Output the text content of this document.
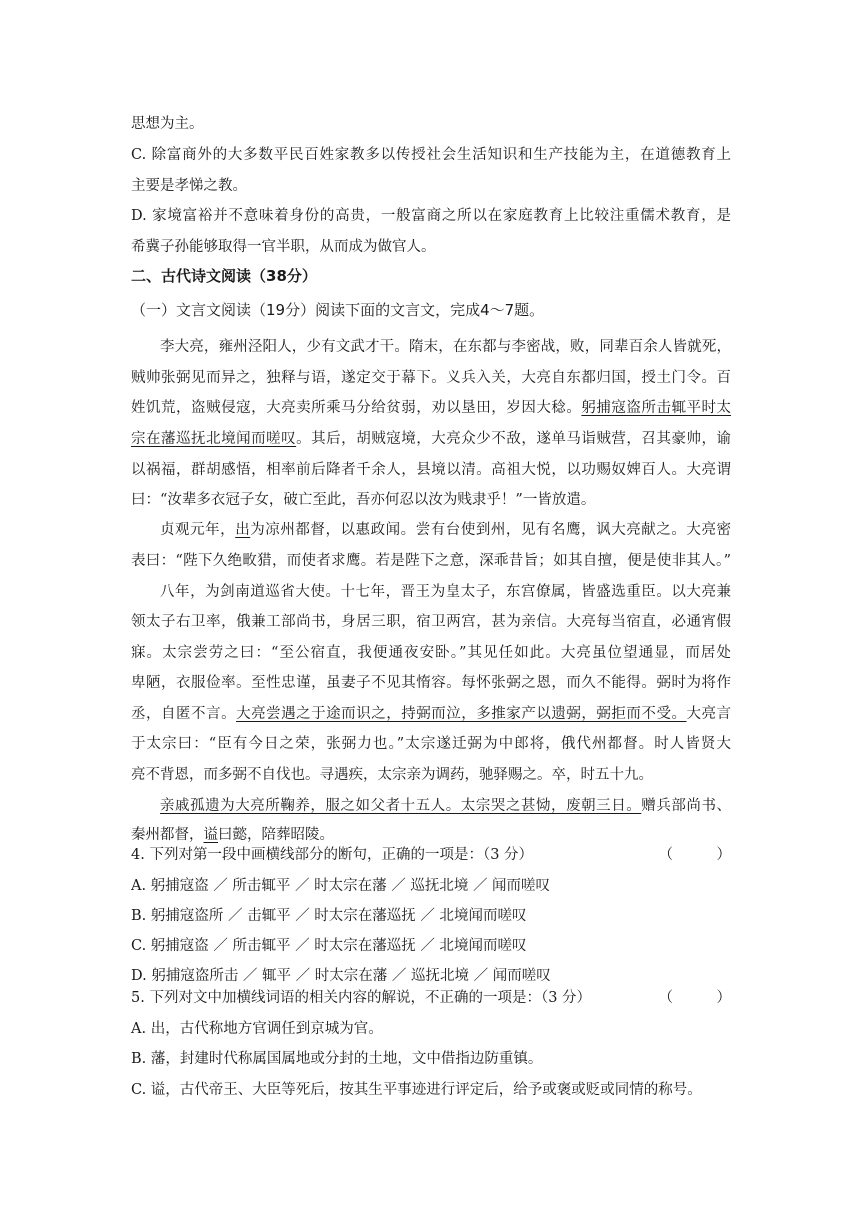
思想为主。

C. 除富商外的大多数平民百姓家教多以传授社会生活知识和生产技能为主，在道德教育上

主要是孝悌之教。

D. 家境富裕并不意味着身份的高贵，一般富商之所以在家庭教育上比较注重儒术教育，是

希冀子孙能够取得一官半职，从而成为做官人。

二、古代诗文阅读（38分）

（一）文言文阅读（19分）阅读下面的文言文，完成4～7题。

李大亮，雍州泾阳人，少有文武才干。隋末，在东都与李密战，败，同辈百余人皆就死，

贼帅张弼见而异之，独释与语，遂定交于幕下。义兵入关，大亮自东都归国，授土门令。百

姓饥荒，盗贼侵寇，大亮卖所乘马分给贫弱，劝以垦田，岁因大稔。躬捕寇盗所击辄平时太

宗在藩巡抚北境闻而嗟叹。其后，胡贼寇境，大亮众少不敌，遂单马诣贼营，召其豪帅，谕

以祸福，群胡感悟，相率前后降者千余人，县境以清。高祖大悦，以功赐奴婢百人。大亮谓

曰：“汝辈多衣冠子女，破亡至此，吾亦何忍以汝为贱隶乎！”一皆放遣。

贞观元年，出为凉州都督，以惠政闻。尝有台使到州，见有名鹰，讽大亮献之。大亮密

表曰：“陛下久绝畋猎，而使者求鹰。若是陛下之意，深乖昔旨；如其自擅，便是使非其人。”

八年，为剑南道巡省大使。十七年，晋王为皇太子，东宫僚属，皆盛选重臣。以大亮兼

领太子右卫率，俄兼工部尚书，身居三职，宿卫两宫，甚为亲信。大亮每当宿直，必通宵假

寐。太宗尝劳之曰：“至公宿直，我便通夜安卧。”其见任如此。大亮虽位望通显，而居处

卑陋，衣服俭率。至性忠谨，虽妻子不见其惰容。每怀张弼之恩，而久不能得。弼时为将作

丞，自匿不言。大亮尝遇之于途而识之，持弼而泣，多推家产以遗弼，弼拒而不受。大亮言

于太宗曰：“臣有今日之荣，张弼力也。”太宗遂迁弼为中郎将，俄代州都督。时人皆贤大

亮不背恩，而多弼不自伐也。寻遇疾，太宗亲为调药，驰驿赐之。卒，时五十九。

亲戚孤遗为大亮所鞠养，服之如父者十五人。太宗哭之甚恸，废朝三日。赠兵部尚书、

秦州都督，谥曰懿，陪葬昭陵。

4. 下列对第一段中画横线部分的断句，正确的一项是：（3 分）	（　　　）

A. 躬捕寇盗 ／ 所击辄平 ／ 时太宗在藩 ／ 巡抚北境 ／ 闻而嗟叹

B. 躬捕寇盗所 ／ 击辄平 ／ 时太宗在藩巡抚 ／ 北境闻而嗟叹

C. 躬捕寇盗 ／ 所击辄平 ／ 时太宗在藩巡抚 ／ 北境闻而嗟叹

D. 躬捕寇盗所击 ／ 辄平 ／ 时太宗在藩 ／ 巡抚北境 ／ 闻而嗟叹

5. 下列对文中加横线词语的相关内容的解说，不正确的一项是：（3 分）	（　　　）

A. 出，古代称地方官调任到京城为官。

B. 藩，封建时代称属国属地或分封的土地，文中借指边防重镇。

C. 谥，古代帝王、大臣等死后，按其生平事迹进行评定后，给予或褒或贬或同情的称号。
